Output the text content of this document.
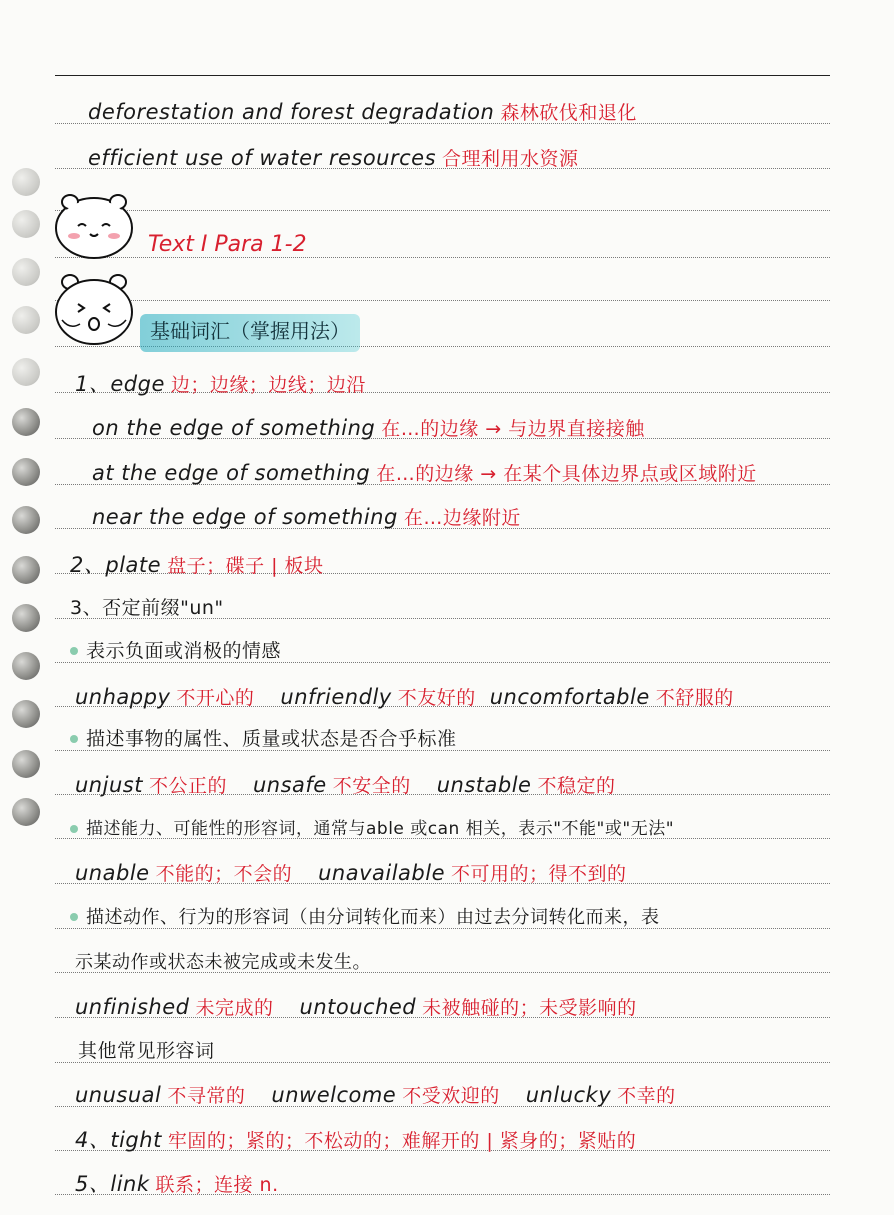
deforestation and forest degradation 森林砍伐和退化
efficient use of water resources 合理利用水资源
Text I Para 1-2
基础词汇（掌握用法）
1、edge 边；边缘；边线；边沿
on the edge of something 在…的边缘 → 与边界直接接触
at the edge of something 在…的边缘 → 在某个具体边界点或区域附近
near the edge of something 在…边缘附近
2、plate 盘子；碟子 | 板块
3、否定前缀"un"
表示负面或消极的情感
unhappy 不开心的 unfriendly 不友好的 uncomfortable 不舒服的
描述事物的属性、质量或状态是否合乎标准
unjust 不公正的 unsafe 不安全的 unstable 不稳定的
描述能力、可能性的形容词，通常与able 或can 相关，表示"不能"或"无法"
unable 不能的；不会的 unavailable 不可用的；得不到的
描述动作、行为的形容词（由分词转化而来）由过去分词转化而来，表
示某动作或状态未被完成或未发生。
unfinished 未完成的 untouched 未被触碰的；未受影响的
其他常见形容词
unusual 不寻常的 unwelcome 不受欢迎的 unlucky 不幸的
4、tight 牢固的；紧的；不松动的；难解开的 | 紧身的；紧贴的
5、link 联系；连接 n.
